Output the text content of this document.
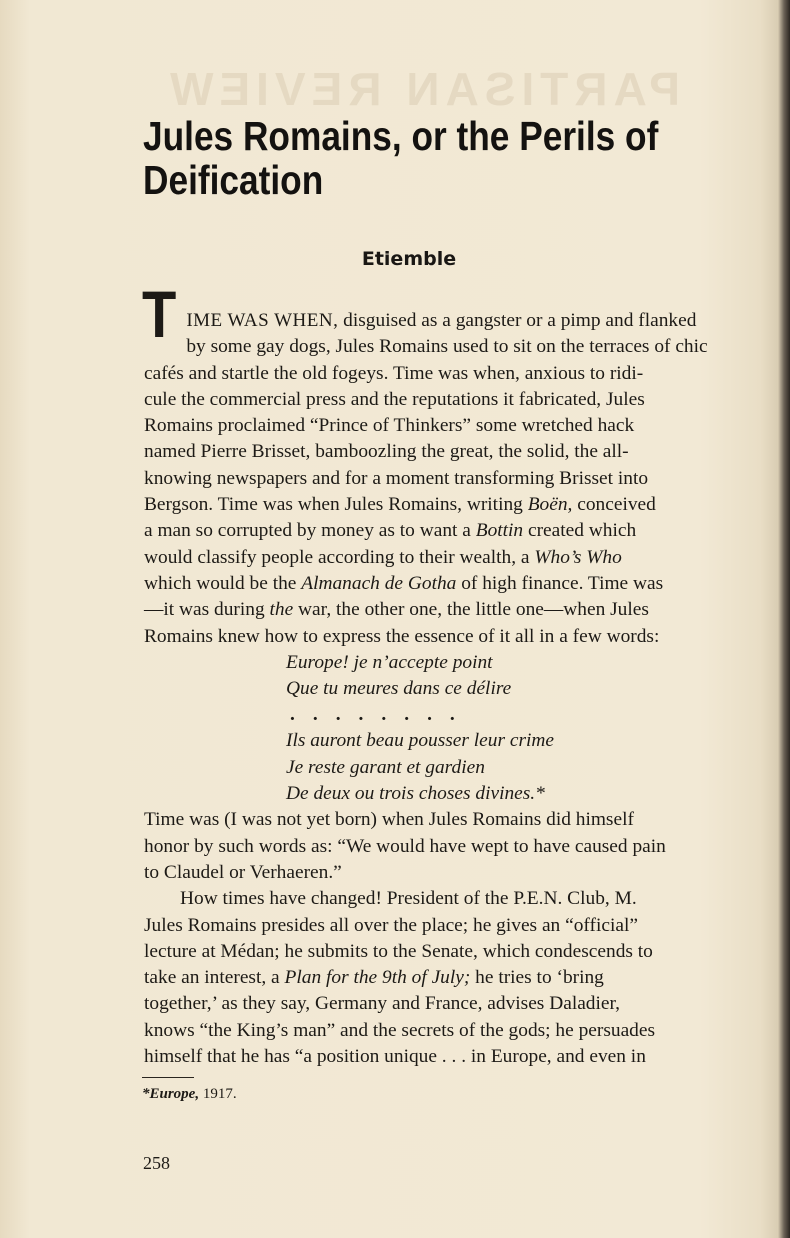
PARTISAN REVIEW
Jules Romains, or the Perils of Deification
Etiemble
T IME WAS WHEN, disguised as a gangster or a pimp and flanked
by some gay dogs, Jules Romains used to sit on the terraces of chic
cafés and startle the old fogeys. Time was when, anxious to ridi-
cule the commercial press and the reputations it fabricated, Jules
Romains proclaimed “Prince of Thinkers” some wretched hack
named Pierre Brisset, bamboozling the great, the solid, the all-
knowing newspapers and for a moment transforming Brisset into
Bergson. Time was when Jules Romains, writing Boën, conceived
a man so corrupted by money as to want a Bottin created which
would classify people according to their wealth, a Who’s Who
which would be the Almanach de Gotha of high finance. Time was
—it was during the war, the other one, the little one—when Jules
Romains knew how to express the essence of it all in a few words:
Europe! je n’accepte point
Que tu meures dans ce délire
........
Ils auront beau pousser leur crime
Je reste garant et gardien
De deux ou trois choses divines.*
Time was (I was not yet born) when Jules Romains did himself
honor by such words as: “We would have wept to have caused pain
to Claudel or Verhaeren.”
How times have changed! President of the P.E.N. Club, M.
Jules Romains presides all over the place; he gives an “official”
lecture at Médan; he submits to the Senate, which condescends to
take an interest, a Plan for the 9th of July; he tries to ‘bring
together,’ as they say, Germany and France, advises Daladier,
knows “the King’s man” and the secrets of the gods; he persuades
himself that he has “a position unique . . . in Europe, and even in
*Europe, 1917.
258
